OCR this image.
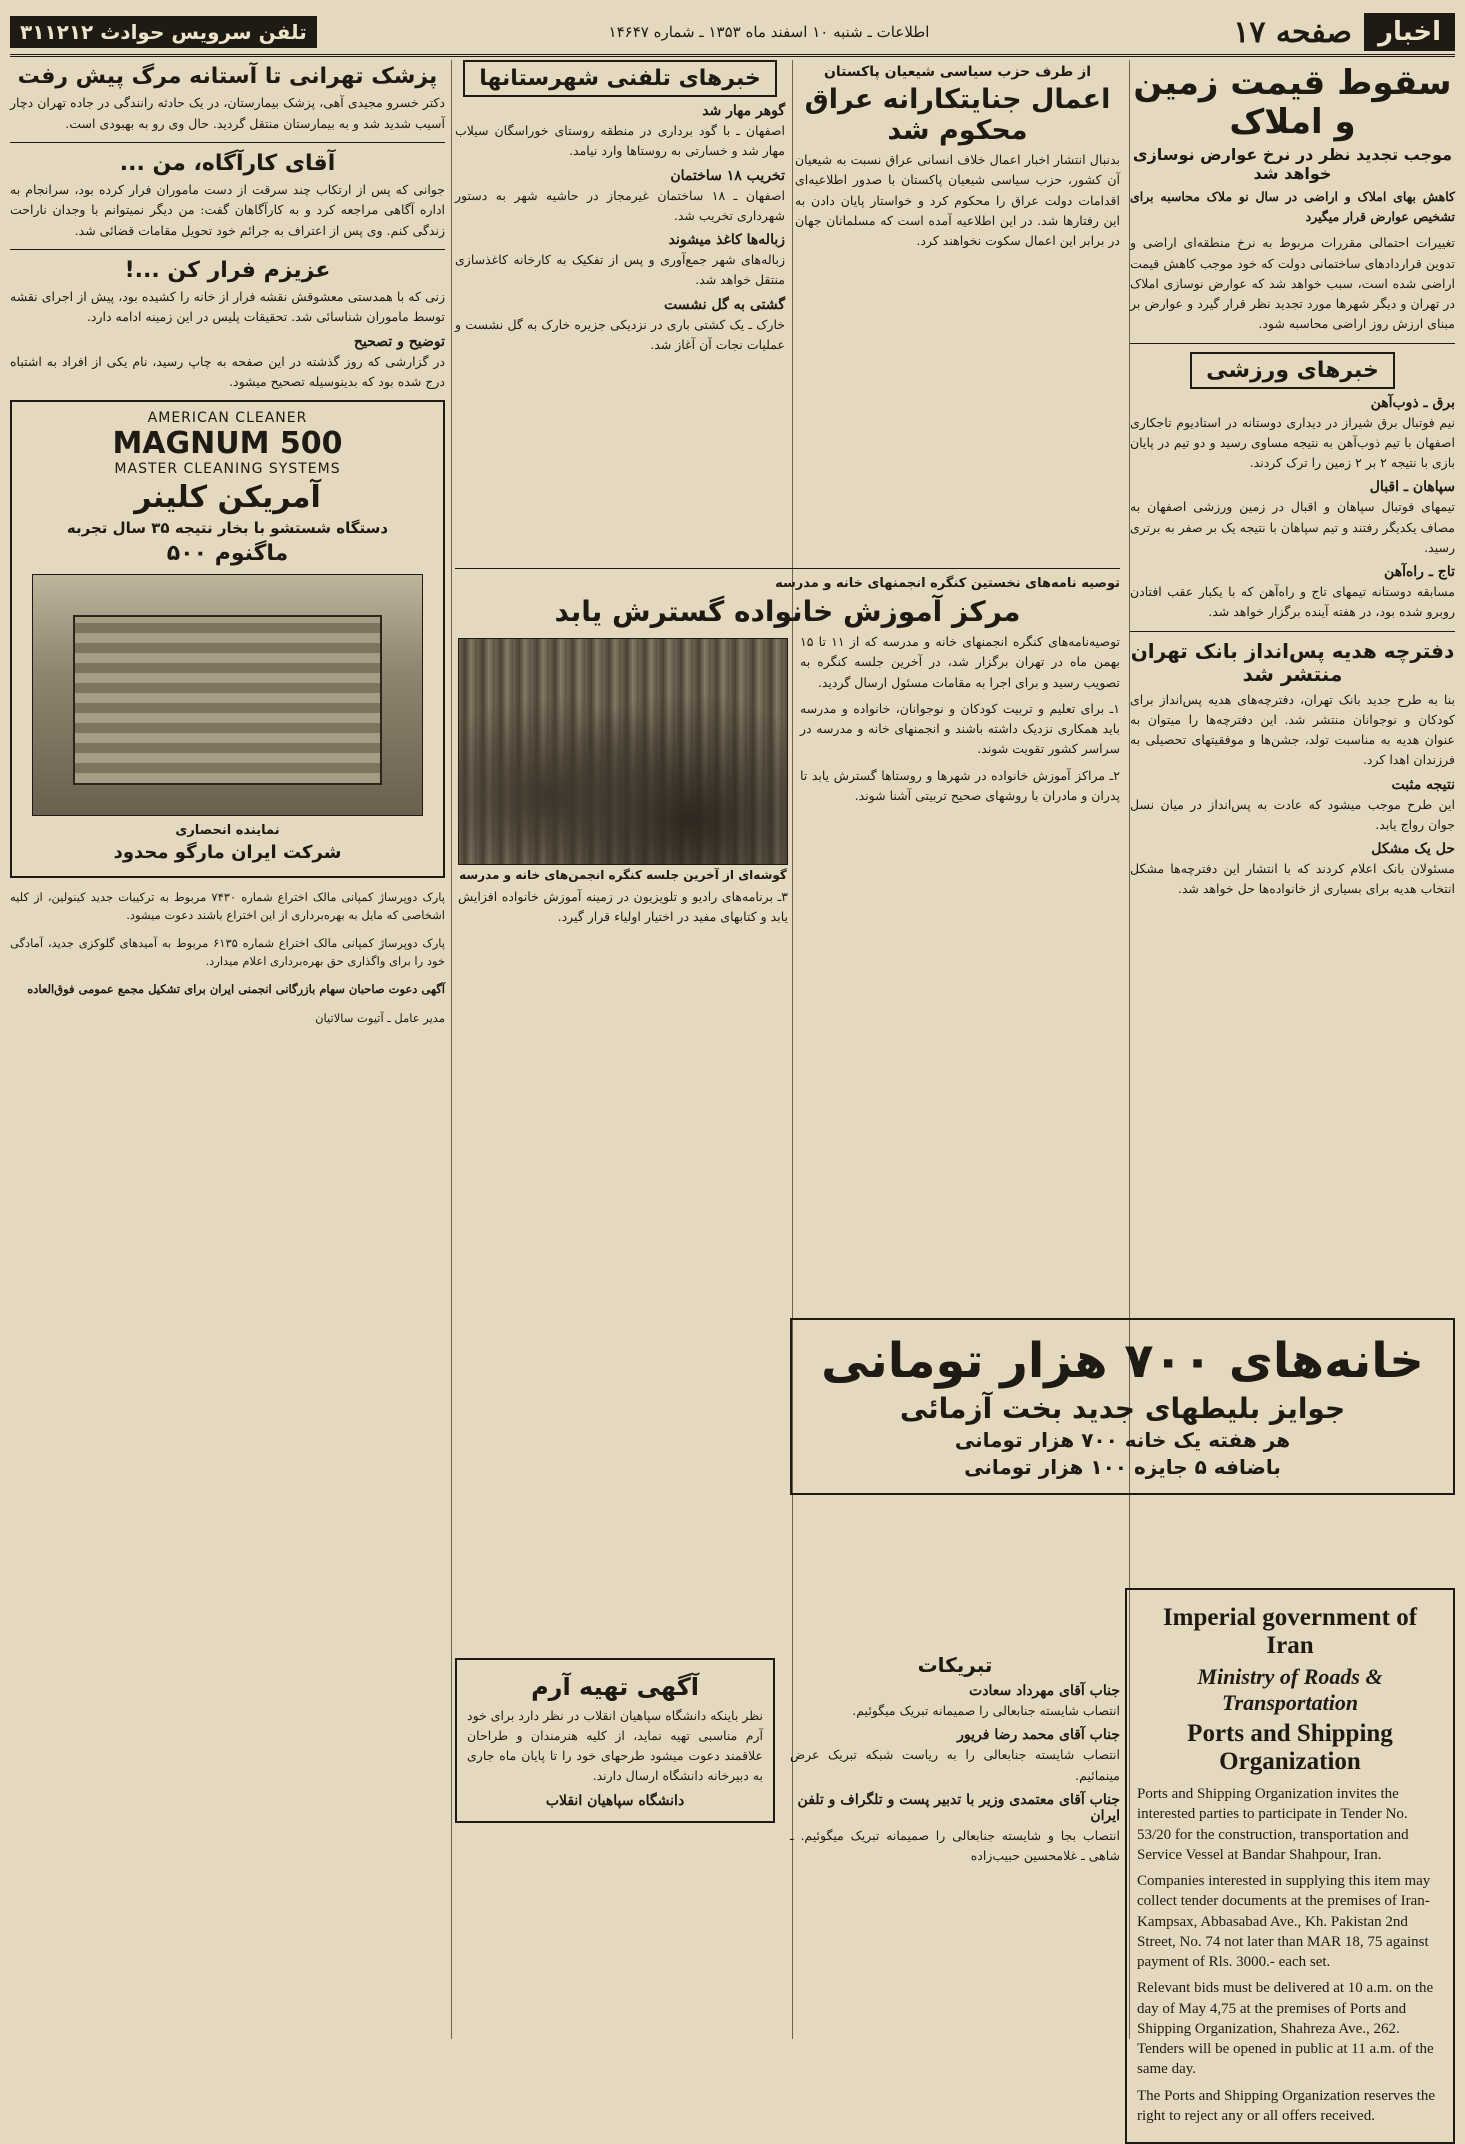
اخبار
صفحه ۱۷
اطلاعات ـ شنبه ۱۰ اسفند ماه ۱۳۵۳ ـ شماره ۱۴۶۴۷
تلفن سرویس حوادث ۳۱۱۲۱۲
سقوط قیمت زمین و املاک
موجب تجدید نظر در نرخ عوارض نوسازی خواهد شد

کاهش بهای املاک و اراضی در سال نو ملاک محاسبه برای تشخیص عوارض قرار میگیرد

تغییرات احتمالی مقررات مربوط به نرخ منطقه‌ای اراضی و تدوین قراردادهای ساختمانی دولت که خود موجب کاهش قیمت اراضی شده است، سبب خواهد شد که عوارض نوسازی املاک در تهران و دیگر شهرها مورد تجدید نظر قرار گیرد و عوارض بر مبنای ارزش روز اراضی محاسبه شود.

خبرهای ورزشی
برق ـ ذوب‌آهن

نیم فوتبال برق شیراز در دیداری دوستانه در استادیوم تاجکاری اصفهان با تیم ذوب‌آهن به نتیجه مساوی رسید و دو تیم در پایان بازی با نتیجه ۲ بر ۲ زمین را ترک کردند.

سپاهان ـ اقبال

تیمهای فوتبال سپاهان و اقبال در زمین ورزشی اصفهان به مصاف یکدیگر رفتند و تیم سپاهان با نتیجه یک بر صفر به برتری رسید.

تاج ـ راه‌آهن

مسابقه دوستانه تیمهای تاج و راه‌آهن که با یکبار عقب افتادن روبرو شده بود، در هفته آینده برگزار خواهد شد.

دفترچه هدیه پس‌انداز بانک تهران منتشر شد

بنا به طرح جدید بانک تهران، دفترچه‌های هدیه پس‌انداز برای کودکان و نوجوانان منتشر شد. این دفترچه‌ها را میتوان به عنوان هدیه به مناسبت تولد، جشن‌ها و موفقیتهای تحصیلی به فرزندان اهدا کرد.

نتیجه مثبت

این طرح موجب میشود که عادت به پس‌انداز در میان نسل جوان رواج یابد.

حل یک مشکل

مسئولان بانک اعلام کردند که با انتشار این دفترچه‌ها مشکل انتخاب هدیه برای بسیاری از خانواده‌ها حل خواهد شد.

از طرف حزب سیاسی شیعیان پاکستان
اعمال جنایتکارانه عراق محکوم شد

بدنبال انتشار اخبار اعمال خلاف انسانی عراق نسبت به شیعیان آن کشور، حزب سیاسی شیعیان پاکستان با صدور اطلاعیه‌ای اقدامات دولت عراق را محکوم کرد و خواستار پایان دادن به این رفتارها شد. در این اطلاعیه آمده است که مسلمانان جهان در برابر این اعمال سکوت نخواهند کرد.

خبرهای تلفنی شهرستانها
گوهر مهار شد

اصفهان ـ با گود برداری در منطقه روستای خوراسگان سیلاب مهار شد و خسارتی به روستاها وارد نیامد.

تخریب ۱۸ ساختمان

اصفهان ـ ۱۸ ساختمان غیرمجاز در حاشیه شهر به دستور شهرداری تخریب شد.

زباله‌ها کاغذ میشوند

زباله‌های شهر جمع‌آوری و پس از تفکیک به کارخانه کاغذسازی منتقل خواهد شد.

گشتی به گل نشست

خارک ـ یک کشتی باری در نزدیکی جزیره خارک به گل نشست و عملیات نجات آن آغاز شد.

توصیه نامه‌های نخستین کنگره انجمنهای خانه و مدرسه
مرکز آموزش خانواده گسترش یابد

توصیه‌نامه‌های کنگره انجمنهای خانه و مدرسه که از ۱۱ تا ۱۵ بهمن ماه در تهران برگزار شد، در آخرین جلسه کنگره به تصویب رسید و برای اجرا به مقامات مسئول ارسال گردید.

۱ـ برای تعلیم و تربیت کودکان و نوجوانان، خانواده و مدرسه باید همکاری نزدیک داشته باشند و انجمنهای خانه و مدرسه در سراسر کشور تقویت شوند.

۲ـ مراکز آموزش خانواده در شهرها و روستاها گسترش یابد تا پدران و مادران با روشهای صحیح تربیتی آشنا شوند.

گوشه‌ای از آخرین جلسه کنگره انجمن‌های خانه و مدرسه

۳ـ برنامه‌های رادیو و تلویزیون در زمینه آموزش خانواده افزایش یابد و کتابهای مفید در اختیار اولیاء قرار گیرد.

تبریکات
جناب آقای مهرداد سعادت

انتصاب شایسته جنابعالی را صمیمانه تبریک میگوئیم.

جناب آقای محمد رضا فریور

انتصاب شایسته جنابعالی را به ریاست شبکه تبریک عرض مینمائیم.

جناب آقای معتمدی وزیر با تدبیر پست و تلگراف و تلفن ایران

انتصاب بجا و شایسته جنابعالی را صمیمانه تبریک میگوئیم. ـ شاهی ـ غلامحسین حبیب‌زاده

آگهی تهیه آرم

نظر باینکه دانشگاه سپاهیان انقلاب در نظر دارد برای خود آرم مناسبی تهیه نماید، از کلیه هنرمندان و طراحان علاقمند دعوت میشود طرحهای خود را تا پایان ماه جاری به دبیرخانه دانشگاه ارسال دارند.

دانشگاه سپاهیان انقلاب
خانه‌های ۷۰۰ هزار تومانی
جوایز بلیطهای جدید بخت آزمائی
هر هفته یک خانه ۷۰۰ هزار تومانی
باضافه ۵ جایزه ۱۰۰ هزار تومانی
Imperial government of Iran
Ministry of Roads & Transportation
Ports and Shipping Organization

Ports and Shipping Organization invites the interested parties to participate in Tender No. 53/20 for the construction, transportation and Service Vessel at Bandar Shahpour, Iran.

Companies interested in supplying this item may collect tender documents at the premises of Iran-Kampsax, Abbasabad Ave., Kh. Pakistan 2nd Street, No. 74 not later than MAR 18, 75 against payment of Rls. 3000.- each set.

Relevant bids must be delivered at 10 a.m. on the day of May 4,75 at the premises of Ports and Shipping Organization, Shahreza Ave., 262. Tenders will be opened in public at 11 a.m. of the same day.

The Ports and Shipping Organization reserves the right to reject any or all offers received.

پزشک تهرانی تا آستانه مرگ پیش رفت

دکتر خسرو مجیدی آهی، پزشک بیمارستان، در یک حادثه رانندگی در جاده تهران دچار آسیب شدید شد و به بیمارستان منتقل گردید. حال وی رو به بهبودی است.

آقای کارآگاه، من ...

جوانی که پس از ارتکاب چند سرقت از دست ماموران فرار کرده بود، سرانجام به اداره آگاهی مراجعه کرد و به کارآگاهان گفت: من دیگر نمیتوانم با وجدان ناراحت زندگی کنم. وی پس از اعتراف به جرائم خود تحویل مقامات قضائی شد.

عزیزم فرار کن ...!

زنی که با همدستی معشوقش نقشه فرار از خانه را کشیده بود، پیش از اجرای نقشه توسط ماموران شناسائی شد. تحقیقات پلیس در این زمینه ادامه دارد.

توضیح و تصحیح

در گزارشی که روز گذشته در این صفحه به چاپ رسید، نام یکی از افراد به اشتباه درج شده بود که بدینوسیله تصحیح میشود.

AMERICAN CLEANER
MAGNUM 500
MASTER CLEANING SYSTEMS
آمریکن کلینر
دستگاه شستشو با بخار نتیجه ۳۵ سال تجربه
ماگنوم ۵۰۰
نماینده انحصاری
شرکت ایران مارگو محدود

پارک دوپرساژ کمپانی مالک اختراع شماره ۷۴۳۰ مربوط به ترکیبات جدید کینولین، از کلیه اشخاصی که مایل به بهره‌برداری از این اختراع باشند دعوت میشود.

پارک دوپرساژ کمپانی مالک اختراع شماره ۶۱۳۵ مربوط به آمیدهای گلوکزی جدید، آمادگی خود را برای واگذاری حق بهره‌برداری اعلام میدارد.

آگهی دعوت صاحبان سهام بازرگانی انجمنی ایران برای تشکیل مجمع عمومی فوق‌العاده

مدیر عامل ـ آتیوت سالاتیان
